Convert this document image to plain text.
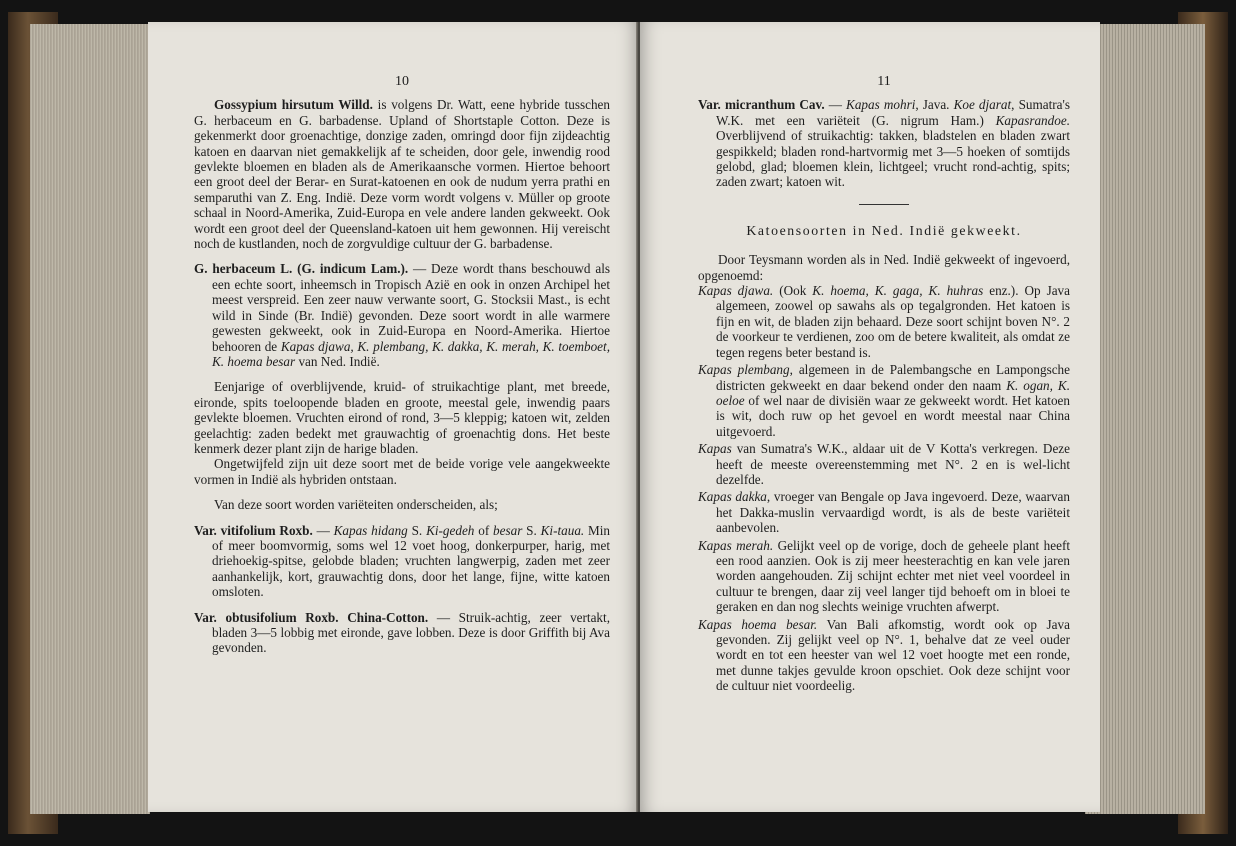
10

Gossypium hirsutum Willd. is volgens Dr. Watt, eene hybride tusschen G. herbaceum en G. barbadense. Upland of Shortstaple Cotton. Deze is gekenmerkt door groenachtige, donzige zaden, omringd door fijn zijdeachtig katoen en daarvan niet gemakkelijk af te scheiden, door gele, inwendig rood gevlekte bloemen en bladen als de Amerikaansche vormen. Hiertoe behoort een groot deel der Berar- en Surat-katoenen en ook de nudum yerra prathi en semparuthi van Z. Eng. Indië. Deze vorm wordt volgens v. Müller op groote schaal in Noord-Amerika, Zuid-Europa en vele andere landen gekweekt. Ook wordt een groot deel der Queensland-katoen uit hem gewonnen. Hij vereischt noch de kustlanden, noch de zorgvuldige cultuur der G. barbadense.

G. herbaceum L. (G. indicum Lam.). — Deze wordt thans beschouwd als een echte soort, inheemsch in Tropisch Azië en ook in onzen Archipel het meest verspreid. Een zeer nauw verwante soort, G. Stocksii Mast., is echt wild in Sinde (Br. Indië) gevonden. Deze soort wordt in alle warmere gewesten gekweekt, ook in Zuid-Europa en Noord-Amerika. Hiertoe behooren de Kapas djawa, K. plembang, K. dakka, K. merah, K. toemboet, K. hoema besar van Ned. Indië.

Eenjarige of overblijvende, kruid- of struikachtige plant, met breede, eironde, spits toeloopende bladen en groote, meestal gele, inwendig paars gevlekte bloemen. Vruchten eirond of rond, 3—5 kleppig; katoen wit, zelden geelachtig: zaden bedekt met grauwachtig of groenachtig dons. Het beste kenmerk dezer plant zijn de harige bladen.

Ongetwijfeld zijn uit deze soort met de beide vorige vele aangekweekte vormen in Indië als hybriden ontstaan.

Van deze soort worden variëteiten onderscheiden, als;

Var. vitifolium Roxb. — Kapas hidang S. Ki-gedeh of besar S. Ki-taua. Min of meer boomvormig, soms wel 12 voet hoog, donkerpurper, harig, met driehoekig-spitse, gelobde bladen; vruchten langwerpig, zaden met zeer aanhankelijk, kort, grauwachtig dons, door het lange, fijne, witte katoen omsloten.

Var. obtusifolium Roxb. China-Cotton. — Struik-achtig, zeer vertakt, bladen 3—5 lobbig met eironde, gave lobben. Deze is door Griffith bij Ava gevonden.

11

Var. micranthum Cav. — Kapas mohri, Java. Koe djarat, Sumatra's W.K. met een variëteit (G. nigrum Ham.) Kapasrandoe. Overblijvend of struikachtig: takken, bladstelen en bladen zwart gespikkeld; bladen rond-hartvormig met 3—5 hoeken of somtijds gelobd, glad; bloemen klein, lichtgeel; vrucht rond-achtig, spits; zaden zwart; katoen wit.

Katoensoorten in Ned. Indië gekweekt.

Door Teysmann worden als in Ned. Indië gekweekt of ingevoerd, opgenoemd:

Kapas djawa. (Ook K. hoema, K. gaga, K. huhras enz.). Op Java algemeen, zoowel op sawahs als op tegalgronden. Het katoen is fijn en wit, de bladen zijn behaard. Deze soort schijnt boven N°. 2 de voorkeur te verdienen, zoo om de betere kwaliteit, als omdat ze tegen regens beter bestand is.

Kapas plembang, algemeen in de Palembangsche en Lampongsche districten gekweekt en daar bekend onder den naam K. ogan, K. oeloe of wel naar de divisiën waar ze gekweekt wordt. Het katoen is wit, doch ruw op het gevoel en wordt meestal naar China uitgevoerd.

Kapas van Sumatra's W.K., aldaar uit de V Kotta's verkregen. Deze heeft de meeste overeenstemming met N°. 2 en is wel-licht dezelfde.

Kapas dakka, vroeger van Bengale op Java ingevoerd. Deze, waarvan het Dakka-muslin vervaardigd wordt, is als de beste variëteit aanbevolen.

Kapas merah. Gelijkt veel op de vorige, doch de geheele plant heeft een rood aanzien. Ook is zij meer heesterachtig en kan vele jaren worden aangehouden. Zij schijnt echter met niet veel voordeel in cultuur te brengen, daar zij veel langer tijd behoeft om in bloei te geraken en dan nog slechts weinige vruchten afwerpt.

Kapas hoema besar. Van Bali afkomstig, wordt ook op Java gevonden. Zij gelijkt veel op N°. 1, behalve dat ze veel ouder wordt en tot een heester van wel 12 voet hoogte met een ronde, met dunne takjes gevulde kroon opschiet. Ook deze schijnt voor de cultuur niet voordeelig.
